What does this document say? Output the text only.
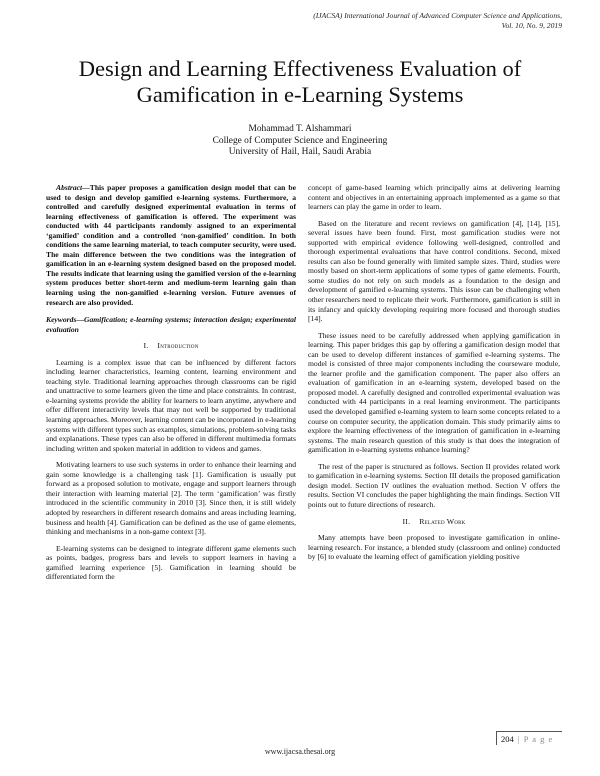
(IJACSA) International Journal of Advanced Computer Science and Applications,
Vol. 10, No. 9, 2019
Design and Learning Effectiveness Evaluation of
Gamification in e-Learning Systems
Mohammad T. Alshammari
College of Computer Science and Engineering
University of Hail, Hail, Saudi Arabia

Abstract—This paper proposes a gamification design model that can be used to design and develop gamified e-learning systems. Furthermore, a controlled and carefully designed experimental evaluation in terms of learning effectiveness of gamification is offered. The experiment was conducted with 44 participants randomly assigned to an experimental ‘gamified’ condition and a controlled ‘non-gamified’ condition. In both conditions the same learning material, to teach computer security, were used. The main difference between the two conditions was the integration of gamification in an e-learning system designed based on the proposed model. The results indicate that learning using the gamified version of the e-learning system produces better short-term and medium-term learning gain than learning using the non-gamified e-learning version. Future avenues of research are also provided.

Keywords—Gamification; e-learning systems; interaction design; experimental evaluation

I. Introduction

Learning is a complex issue that can be influenced by different factors including learner characteristics, learning content, learning environment and teaching style. Traditional learning approaches through classrooms can be rigid and unattractive to some learners given the time and place constraints. In contrast, e-learning systems provide the ability for learners to learn anytime, anywhere and offer different interactivity levels that may not well be supported by traditional learning approaches. Moreover, learning content can be incorporated in e-learning systems with different types such as examples, simulations, problem-solving tasks and explanations. These types can also be offered in different multimedia formats including written and spoken material in addition to videos and games.

Motivating learners to use such systems in order to enhance their learning and gain some knowledge is a challenging task [1]. Gamification is usually put forward as a proposed solution to motivate, engage and support learners through their interaction with learning material [2]. The term ‘gamification’ was firstly introduced in the scientific community in 2010 [3]. Since then, it is still widely adopted by researchers in different research domains and areas including learning, business and health [4]. Gamification can be defined as the use of game elements, thinking and mechanisms in a non-game context [3].

E-learning systems can be designed to integrate different game elements such as points, badges, progress bars and levels to support learners in having a gamified learning experience [5]. Gamification in learning should be differentiated form the

concept of game-based learning which principally aims at delivering learning content and objectives in an entertaining approach implemented as a game so that learners can play the game in order to learn.

Based on the literature and recent reviews on gamification [4], [14], [15], several issues have been found. First, most gamification studies were not supported with empirical evidence following well-designed, controlled and thorough experimental evaluations that have control conditions. Second, mixed results can also be found generally with limited sample sizes. Third, studies were mostly based on short-term applications of some types of game elements. Fourth, some studies do not rely on such models as a foundation to the design and development of gamified e-learning systems. This issue can be challenging when other researchers need to replicate their work. Furthermore, gamification is still in its infancy and quickly developing requiring more focused and thorough studies [14].

These issues need to be carefully addressed when applying gamification in learning. This paper bridges this gap by offering a gamification design model that can be used to develop different instances of gamified e-learning systems. The model is consisted of three major components including the courseware module, the learner profile and the gamification component. The paper also offers an evaluation of gamification in an e-learning system, developed based on the proposed model. A carefully designed and controlled experimental evaluation was conducted with 44 participants in a real learning environment. The participants used the developed gamified e-learning system to learn some concepts related to a course on computer security, the application domain. This study primarily aims to explore the learning effectiveness of the integration of gamification in e-learning systems. The main research question of this study is that does the integration of gamification in e-learning systems enhance learning?

The rest of the paper is structured as follows. Section II provides related work to gamification in e-learning systems. Section III details the proposed gamification design model. Section IV outlines the evaluation method. Section V offers the results. Section VI concludes the paper highlighting the main findings. Section VII points out to future directions of research.

II. Related Work

Many attempts have been proposed to investigate gamification in online-learning research. For instance, a blended study (classroom and online) conducted by [6] to evaluate the learning effect of gamification yielding positive

204 | P a g e
www.ijacsa.thesai.org
